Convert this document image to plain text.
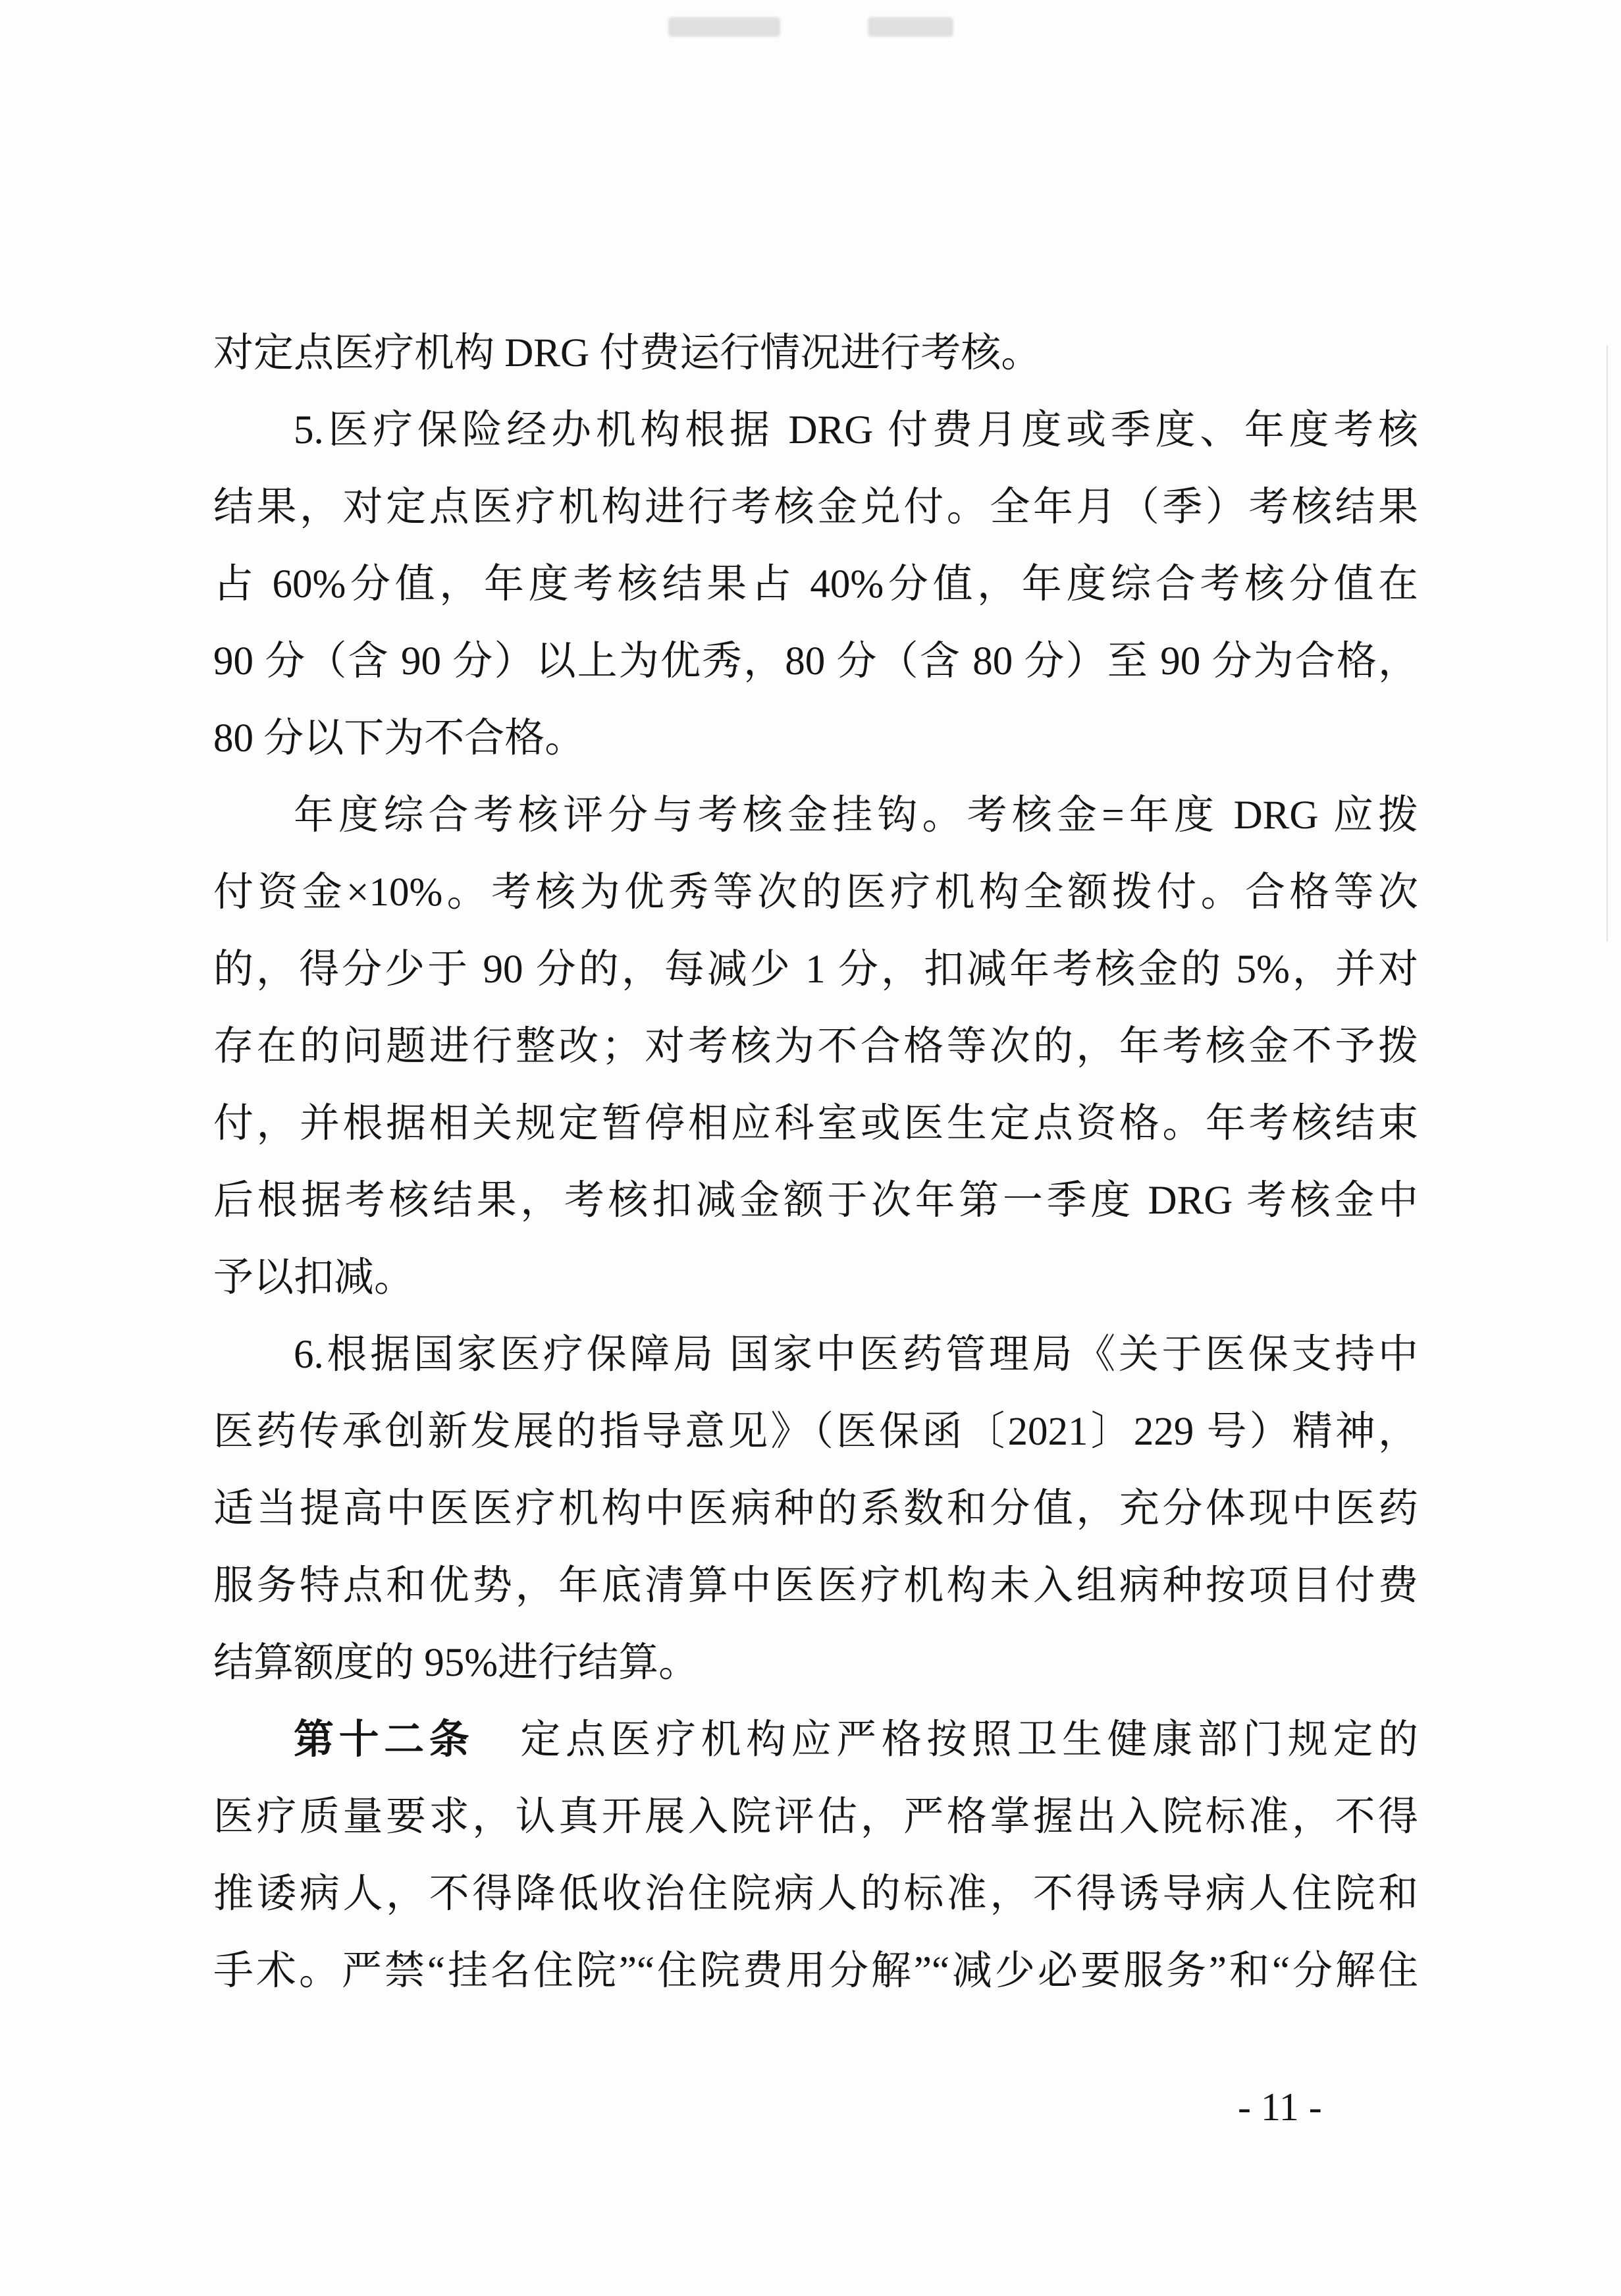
对定点医疗机构 DRG 付费运行情况进行考核。
5.医疗保险经办机构根据 DRG 付费月度或季度、年度考核
结果，对定点医疗机构进行考核金兑付。全年月（季）考核结果
占 60%分值，年度考核结果占 40%分值，年度综合考核分值在
90 分（含 90 分）以上为优秀，80 分（含 80 分）至 90 分为合格，
80 分以下为不合格。
年度综合考核评分与考核金挂钩。考核金=年度 DRG 应拨
付资金×10%。考核为优秀等次的医疗机构全额拨付。合格等次
的，得分少于 90 分的，每减少 1 分，扣减年考核金的 5%，并对
存在的问题进行整改；对考核为不合格等次的，年考核金不予拨
付，并根据相关规定暂停相应科室或医生定点资格。年考核结束
后根据考核结果，考核扣减金额于次年第一季度 DRG 考核金中
予以扣减。
6.根据国家医疗保障局 国家中医药管理局《关于医保支持中
医药传承创新发展的指导意见》（医保函〔2021〕229 号）精神，
适当提高中医医疗机构中医病种的系数和分值，充分体现中医药
服务特点和优势，年底清算中医医疗机构未入组病种按项目付费
结算额度的 95%进行结算。
第十二条 定点医疗机构应严格按照卫生健康部门规定的
医疗质量要求，认真开展入院评估，严格掌握出入院标准，不得
推诿病人，不得降低收治住院病人的标准，不得诱导病人住院和
手术。严禁“挂名住院”“住院费用分解”“减少必要服务”和“分解住
- 11 -
